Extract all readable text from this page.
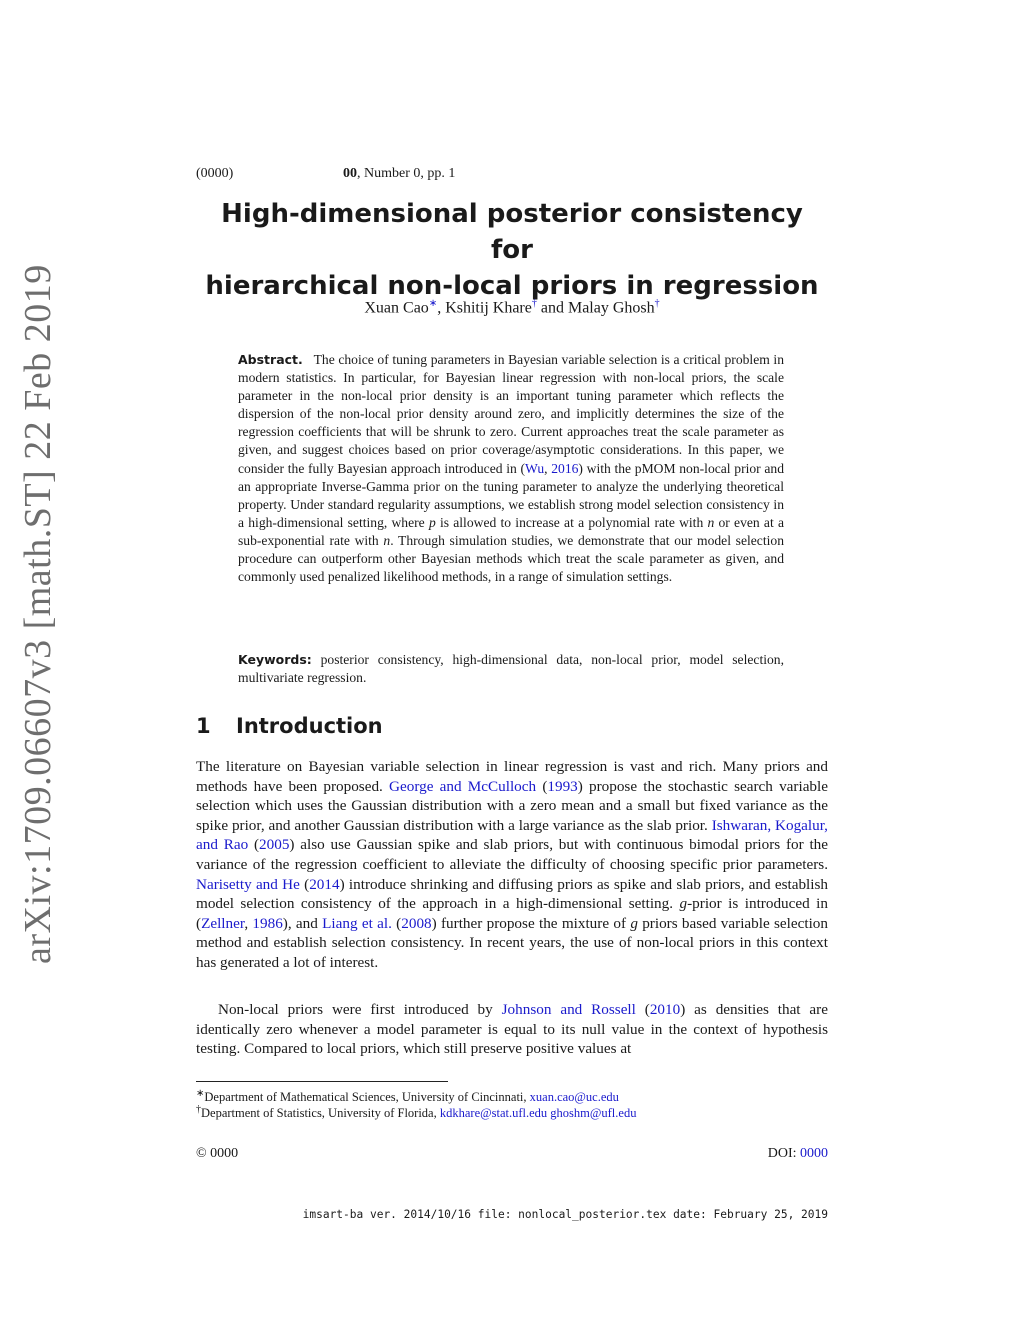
arXiv:1709.06607v3 [math.ST] 22 Feb 2019
(0000)	00, Number 0, pp. 1
High-dimensional posterior consistency for
hierarchical non-local priors in regression
Xuan Cao∗, Kshitij Khare† and Malay Ghosh†
Abstract. The choice of tuning parameters in Bayesian variable selection is a critical problem in modern statistics. In particular, for Bayesian linear regression with non-local priors, the scale parameter in the non-local prior density is an important tuning parameter which reflects the dispersion of the non-local prior density around zero, and implicitly determines the size of the regression coefficients that will be shrunk to zero. Current approaches treat the scale parameter as given, and suggest choices based on prior coverage/asymptotic considerations. In this paper, we consider the fully Bayesian approach introduced in (Wu, 2016) with the pMOM non-local prior and an appropriate Inverse-Gamma prior on the tuning parameter to analyze the underlying theoretical property. Under standard regularity assumptions, we establish strong model selection consistency in a high-dimensional setting, where p is allowed to increase at a polynomial rate with n or even at a sub-exponential rate with n. Through simulation studies, we demonstrate that our model selection procedure can outperform other Bayesian methods which treat the scale parameter as given, and commonly used penalized likelihood methods, in a range of simulation settings.
Keywords: posterior consistency, high-dimensional data, non-local prior, model selection, multivariate regression.
1 Introduction

The literature on Bayesian variable selection in linear regression is vast and rich. Many priors and methods have been proposed. George and McCulloch (1993) propose the stochastic search variable selection which uses the Gaussian distribution with a zero mean and a small but fixed variance as the spike prior, and another Gaussian distribution with a large variance as the slab prior. Ishwaran, Kogalur, and Rao (2005) also use Gaussian spike and slab priors, but with continuous bimodal priors for the variance of the regression coefficient to alleviate the difficulty of choosing specific prior parameters. Narisetty and He (2014) introduce shrinking and diffusing priors as spike and slab priors, and establish model selection consistency of the approach in a high-dimensional setting. g-prior is introduced in (Zellner, 1986), and Liang et al. (2008) further propose the mixture of g priors based variable selection method and establish selection consistency. In recent years, the use of non-local priors in this context has generated a lot of interest.

Non-local priors were first introduced by Johnson and Rossell (2010) as densities that are identically zero whenever a model parameter is equal to its null value in the context of hypothesis testing. Compared to local priors, which still preserve positive values at

∗Department of Mathematical Sciences, University of Cincinnati, xuan.cao@uc.edu
†Department of Statistics, University of Florida, kdkhare@stat.ufl.edu ghoshm@ufl.edu
© 0000	DOI: 0000
imsart-ba ver. 2014/10/16 file: nonlocal_posterior.tex date: February 25, 2019
